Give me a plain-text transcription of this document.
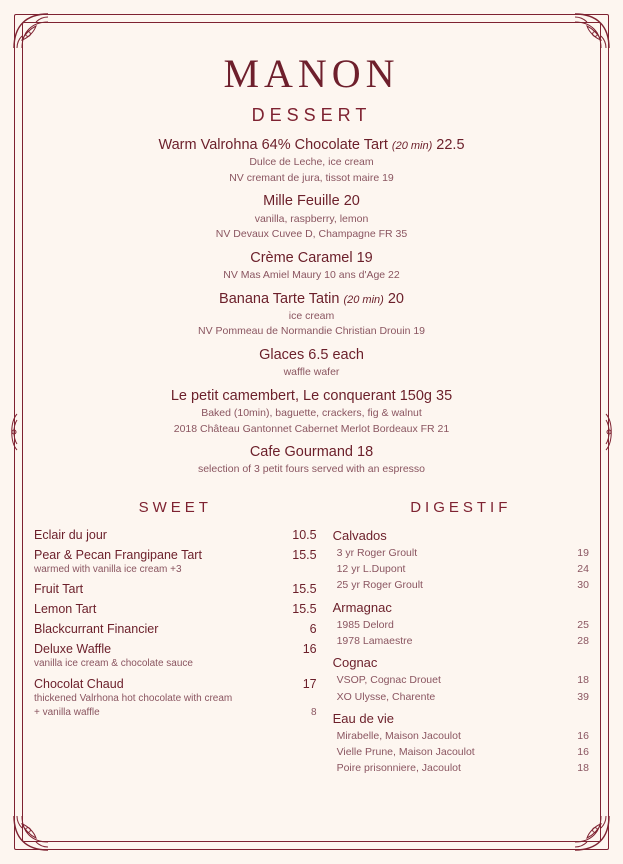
MANON
DESSERT
Warm Valrohna 64% Chocolate Tart (20 min) 22.5
Dulce de Leche, ice cream
NV cremant de jura, tissot maire 19
Mille Feuille 20
vanilla, raspberry, lemon
NV Devaux Cuvee D, Champagne FR 35
Crème Caramel 19
NV Mas Amiel Maury 10 ans d'Age 22
Banana Tarte Tatin (20 min) 20
ice cream
NV Pommeau de Normandie Christian Drouin 19
Glaces 6.5 each
waffle wafer
Le petit camembert, Le conquerant 150g 35
Baked (10min), baguette, crackers, fig & walnut
2018 Château Gantonnet Cabernet Merlot Bordeaux FR 21
Cafe Gourmand 18
selection of 3 petit fours served with an espresso
SWEET
Eclair du jour	10.5
Pear & Pecan Frangipane Tart	15.5
warmed with vanilla ice cream +3
Fruit Tart	15.5
Lemon Tart	15.5
Blackcurrant Financier	6
Deluxe Waffle	16
vanilla ice cream & chocolate sauce
Chocolat Chaud	17
thickened Valrhona hot chocolate with cream
+ vanilla waffle	8
DIGESTIF
Calvados
3 yr Roger Groult	19
12 yr L.Dupont	24
25 yr Roger Groult	30
Armagnac
1985 Delord	25
1978 Lamaestre	28
Cognac
VSOP, Cognac Drouet	18
XO Ulysse, Charente	39
Eau de vie
Mirabelle, Maison Jacoulot	16
Vielle Prune, Maison Jacoulot	16
Poire prisonniere, Jacoulot	18
